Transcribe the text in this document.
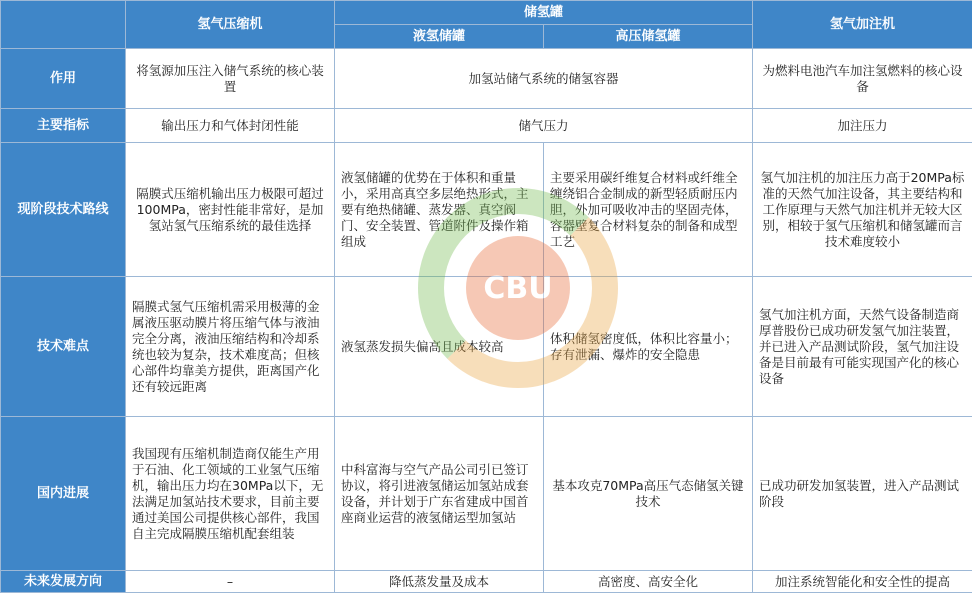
	氢气压缩机	储氢罐		氢气加注机
		液氢储罐	高压储氢罐	
作用	将氢源加压注入储气系统的核心装置	加氢站储气系统的储氢容器		为燃料电池汽车加注氢燃料的核心设备
主要指标	输出压力和气体封闭性能	储气压力		加注压力
现阶段技术路线	隔膜式压缩机输出压力极限可超过100MPa，密封性能非常好，是加氢站氢气压缩系统的最佳选择	液氢储罐的优势在于体积和重量小，采用高真空多层绝热形式，主要有绝热储罐、蒸发器、真空阀门、安全装置、管道附件及操作箱组成	主要采用碳纤维复合材料或纤维全缠绕铝合金制成的新型轻质耐压内胆，外加可吸收冲击的坚固壳体，容器壁复合材料复杂的制备和成型工艺	氢气加注机的加注压力高于20MPa标准的天然气加注设备，其主要结构和工作原理与天然气加注机并无较大区别，相较于氢气压缩机和储氢罐而言技术难度较小
技术难点	隔膜式氢气压缩机需采用极薄的金属液压驱动膜片将压缩气体与液油完全分离，液油压缩结构和冷却系统也较为复杂，技术难度高；但核心部件均靠美方提供，距离国产化还有较远距离	液氢蒸发损失偏高且成本较高	体积储氢密度低，体积比容量小；存有泄漏、爆炸的安全隐患	氢气加注机方面，天然气设备制造商厚普股份已成功研发氢气加注装置，并已进入产品测试阶段，氢气加注设备是目前最有可能实现国产化的核心设备
国内进展	我国现有压缩机制造商仅能生产用于石油、化工领域的工业氢气压缩机，输出压力均在30MPa以下，无法满足加氢站技术要求，目前主要通过美国公司提供核心部件，我国自主完成隔膜压缩机配套组装	中科富海与空气产品公司引已签订协议，将引进液氢储运加氢站成套设备，并计划于广东省建成中国首座商业运营的液氢储运型加氢站	基本攻克70MPa高压气态储氢关键技术	已成功研发加氢装置，进入产品测试阶段
未来发展方向	–	降低蒸发量及成本	高密度、高安全化	加注系统智能化和安全性的提高
CBU
